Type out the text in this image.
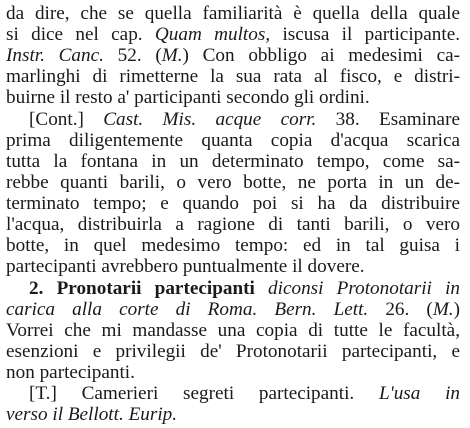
da dire, che se quella familiarità è quella della quale
si dice nel cap. Quam multos, iscusa il participante.
Instr. Canc. 52. (M.) Con obbligo ai medesimi ca-
marlinghi di rimetterne la sua rata al fisco, e distri-
buirne il resto a' participanti secondo gli ordini.
[Cont.] Cast. Mis. acque corr. 38. Esaminare
prima diligentemente quanta copia d'acqua scarica
tutta la fontana in un determinato tempo, come sa-
rebbe quanti barili, o vero botte, ne porta in un de-
terminato tempo; e quando poi si ha da distribuire
l'acqua, distribuirla a ragione di tanti barili, o vero
botte, in quel medesimo tempo: ed in tal guisa i
partecipanti avrebbero puntualmente il dovere.
2. Pronotarii partecipanti diconsi Protonotarii in
carica alla corte di Roma. Bern. Lett. 26. (M.)
Vorrei che mi mandasse una copia di tutte le facultà,
esenzioni e privilegii de' Protonotarii partecipanti, e
non partecipanti.
[T.] Camerieri segreti partecipanti. L'usa in
verso il Bellott. Eurip.
